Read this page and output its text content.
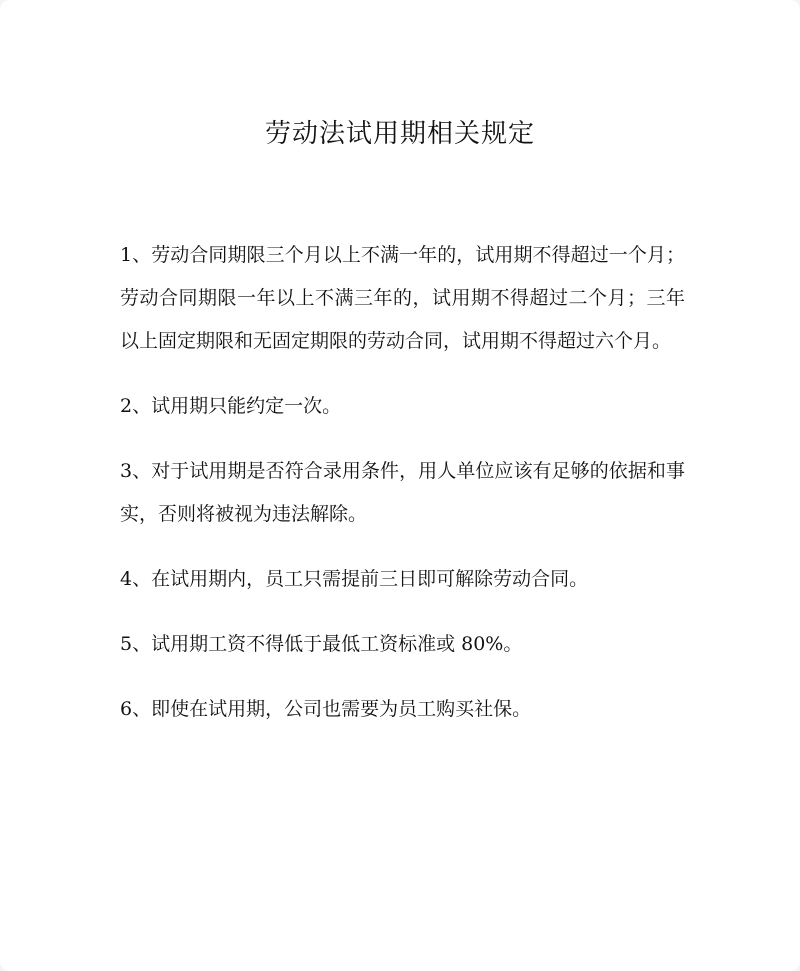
劳动法试用期相关规定
1、劳动合同期限三个月以上不满一年的，试用期不得超过一个月；劳动合同期限一年以上不满三年的，试用期不得超过二个月；三年以上固定期限和无固定期限的劳动合同，试用期不得超过六个月。
2、试用期只能约定一次。
3、对于试用期是否符合录用条件，用人单位应该有足够的依据和事实，否则将被视为违法解除。
4、在试用期内，员工只需提前三日即可解除劳动合同。
5、试用期工资不得低于最低工资标准或 80%。
6、即使在试用期，公司也需要为员工购买社保。
